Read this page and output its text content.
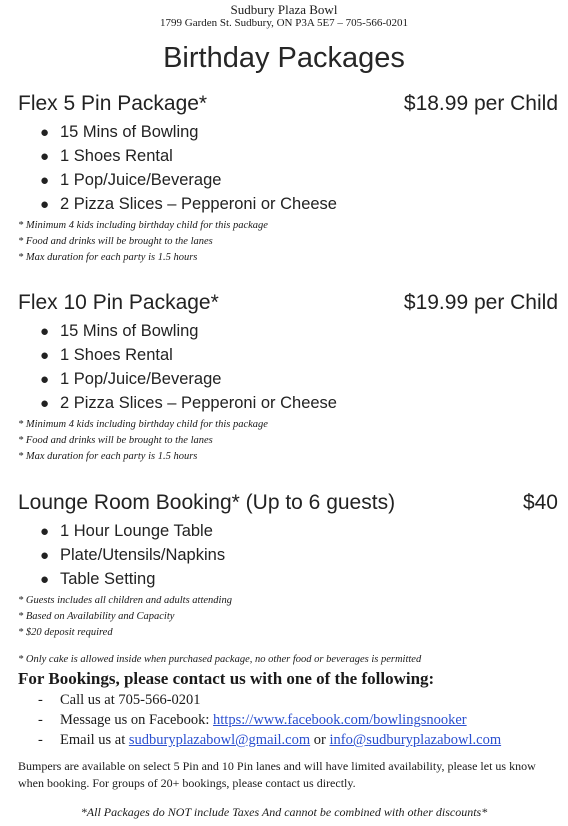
Sudbury Plaza Bowl
1799 Garden St. Sudbury, ON P3A 5E7 – 705-566-0201
Birthday Packages
Flex 5 Pin Package*	$18.99 per Child
● 15 Mins of Bowling
● 1 Shoes Rental
● 1 Pop/Juice/Beverage
● 2 Pizza Slices – Pepperoni or Cheese
* Minimum 4 kids including birthday child for this package
* Food and drinks will be brought to the lanes
* Max duration for each party is 1.5 hours
Flex 10 Pin Package*	$19.99 per Child
● 15 Mins of Bowling
● 1 Shoes Rental
● 1 Pop/Juice/Beverage
● 2 Pizza Slices – Pepperoni or Cheese
* Minimum 4 kids including birthday child for this package
* Food and drinks will be brought to the lanes
* Max duration for each party is 1.5 hours
Lounge Room Booking* (Up to 6 guests)	$40
● 1 Hour Lounge Table
● Plate/Utensils/Napkins
● Table Setting
* Guests includes all children and adults attending
* Based on Availability and Capacity
* $20 deposit required
* Only cake is allowed inside when purchased package, no other food or beverages is permitted
For Bookings, please contact us with one of the following:
- Call us at 705-566-0201
- Message us on Facebook: https://www.facebook.com/bowlingsnooker
- Email us at sudburyplazabowl@gmail.com or info@sudburyplazabowl.com
Bumpers are available on select 5 Pin and 10 Pin lanes and will have limited availability, please let us know when booking. For groups of 20+ bookings, please contact us directly.
*All Packages do NOT include Taxes And cannot be combined with other discounts*
